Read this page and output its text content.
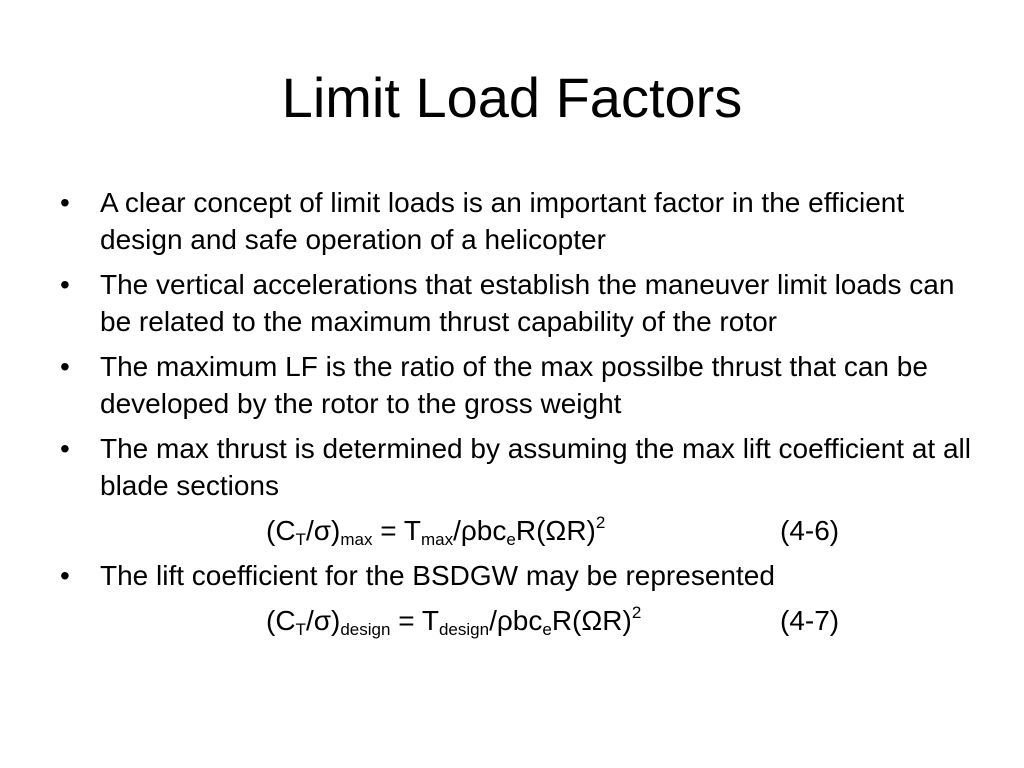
Limit Load Factors
•	A clear concept of limit loads is an important factor in the efficient design and safe operation of a helicopter
•	The vertical accelerations that establish the maneuver limit loads can be related to the maximum thrust capability of the rotor
•	The maximum LF is the ratio of the max possilbe thrust that can be developed by the rotor to the gross weight
•	The max thrust is determined by assuming the max lift coefficient at all blade sections
$(C_T/\sigma)_{max} = T_{max}/\rho bc_eR(\Omega R)^2$	(4-6)
•	The lift coefficient for the BSDGW may be represented
$(C_T/\sigma)_{design} = T_{design}/\rho bc_eR(\Omega R)^2$	(4-7)
